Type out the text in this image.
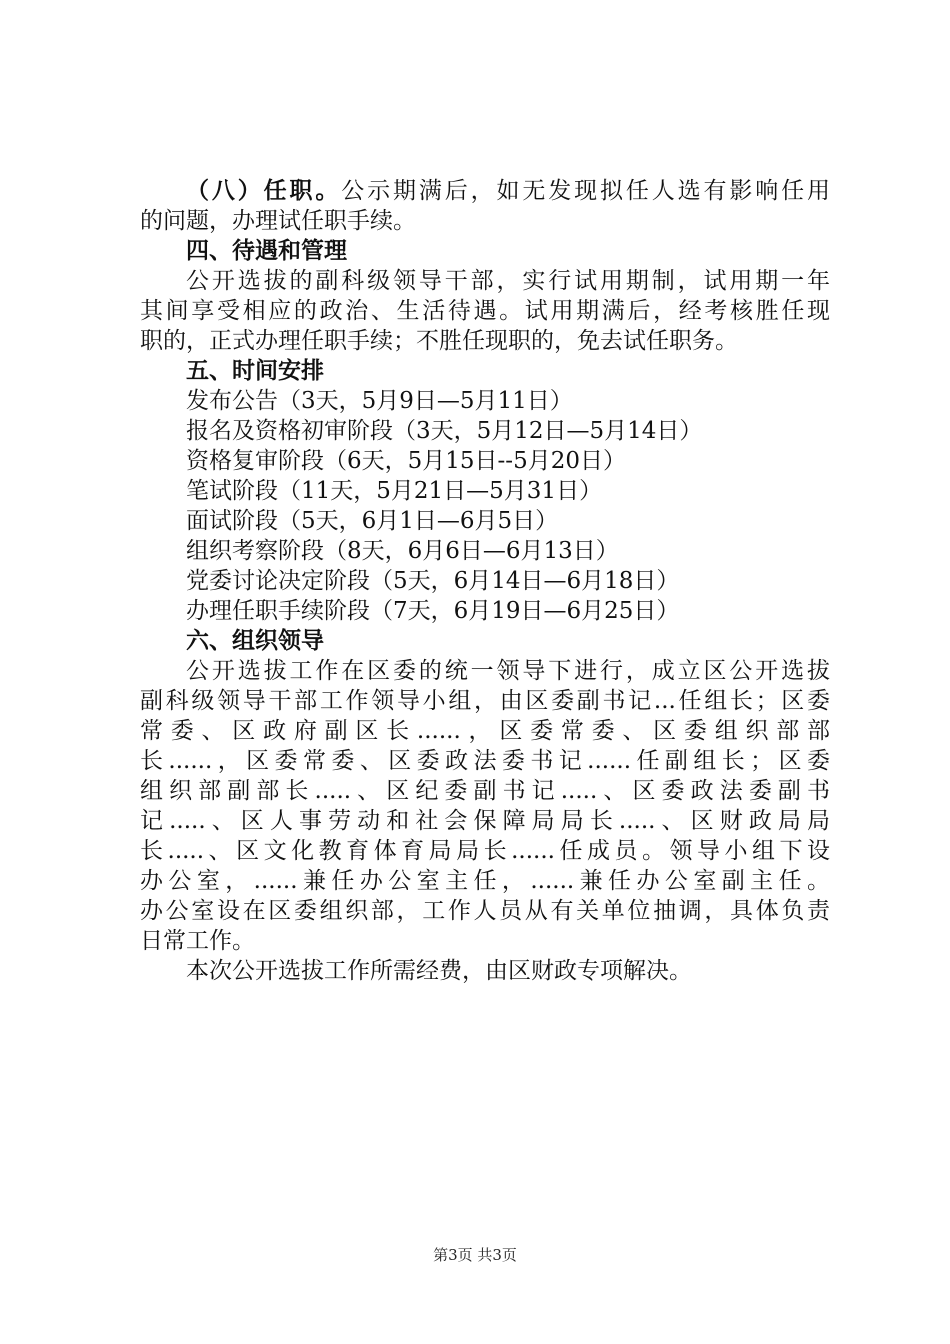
（八）任职。公示期满后，如无发现拟任人选有影响任用
的问题，办理试任职手续。
四、待遇和管理
公开选拔的副科级领导干部，实行试用期制，试用期一年
其间享受相应的政治、生活待遇。试用期满后，经考核胜任现
职的，正式办理任职手续；不胜任现职的，免去试任职务。
五、时间安排
发布公告（3天，5月9日—5月11日）
报名及资格初审阶段（3天，5月12日—5月14日）
资格复审阶段（6天，5月15日--5月20日）
笔试阶段（11天，5月21日—5月31日）
面试阶段（5天，6月1日—6月5日）
组织考察阶段（8天，6月6日—6月13日）
党委讨论决定阶段（5天，6月14日—6月18日）
办理任职手续阶段（7天，6月19日—6月25日）
六、组织领导
公开选拔工作在区委的统一领导下进行，成立区公开选拔
副科级领导干部工作领导小组，由区委副书记...任组长；区委
常委、区政府副区长......，区委常委、区委组织部部
长......，区委常委、区委政法委书记......任副组长；区委
组织部副部长.....、区纪委副书记.....、区委政法委副书
记.....、区人事劳动和社会保障局局长.....、区财政局局
长.....、区文化教育体育局局长......任成员。领导小组下设
办公室，......兼任办公室主任，......兼任办公室副主任。
办公室设在区委组织部，工作人员从有关单位抽调，具体负责
日常工作。
本次公开选拔工作所需经费，由区财政专项解决。
第3页 共3页
